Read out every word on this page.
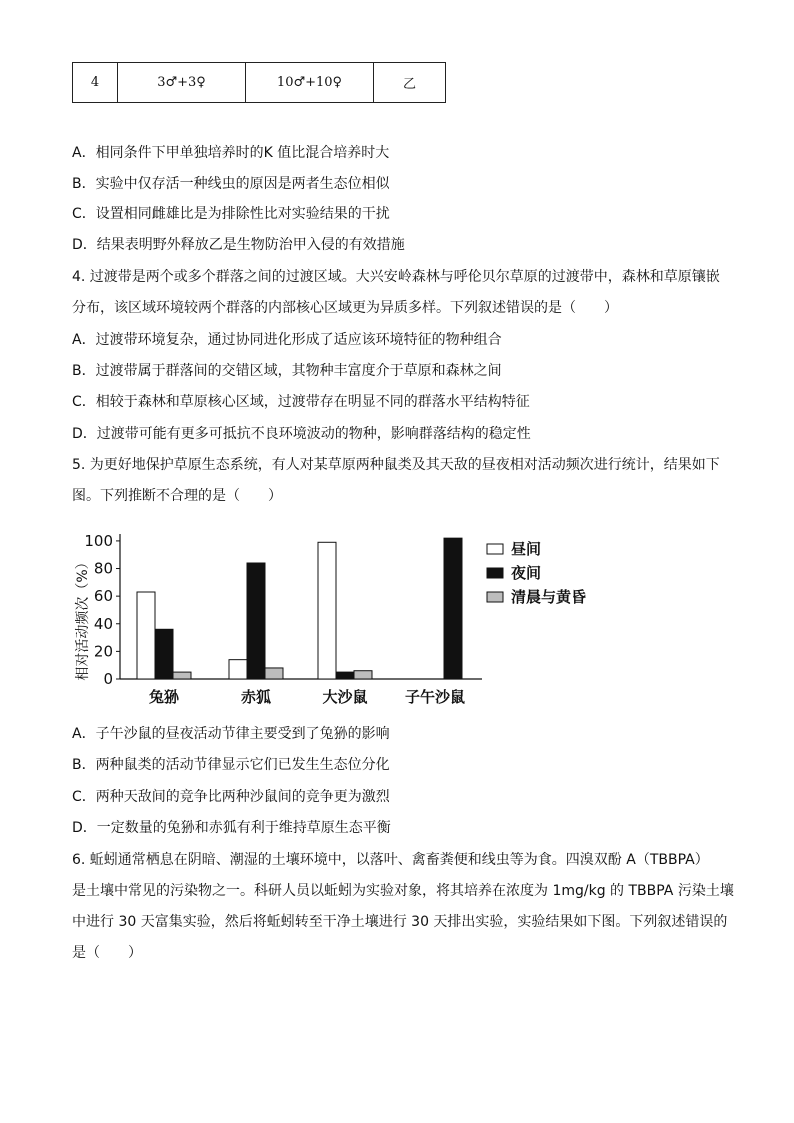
4	3♂+3♀	10♂+10♀	乙
A．相同条件下甲单独培养时的K 值比混合培养时大
B．实验中仅存活一种线虫的原因是两者生态位相似
C．设置相同雌雄比是为排除性比对实验结果的干扰
D．结果表明野外释放乙是生物防治甲入侵的有效措施
4. 过渡带是两个或多个群落之间的过渡区域。大兴安岭森林与呼伦贝尔草原的过渡带中，森林和草原镶嵌
分布，该区域环境较两个群落的内部核心区域更为异质多样。下列叙述错误的是（　　）
A．过渡带环境复杂，通过协同进化形成了适应该环境特征的物种组合
B．过渡带属于群落间的交错区域，其物种丰富度介于草原和森林之间
C．相较于森林和草原核心区域，过渡带存在明显不同的群落水平结构特征
D．过渡带可能有更多可抵抗不良环境波动的物种，影响群落结构的稳定性
5. 为更好地保护草原生态系统，有人对某草原两种鼠类及其天敌的昼夜相对活动频次进行统计，结果如下
图。下列推断不合理的是（　　）
相对活动频次（%） 0
20
40
60
80
100
兔狲	赤狐	大沙鼠 子午沙鼠
昼间
夜间
清晨与黄昏
A．子午沙鼠的昼夜活动节律主要受到了兔狲的影响
B．两种鼠类的活动节律显示它们已发生生态位分化
C．两种天敌间的竞争比两种沙鼠间的竞争更为激烈
D．一定数量的兔狲和赤狐有利于维持草原生态平衡
6. 蚯蚓通常栖息在阴暗、潮湿的土壤环境中，以落叶、禽畜粪便和线虫等为食。四溴双酚 A（TBBPA）
是土壤中常见的污染物之一。科研人员以蚯蚓为实验对象，将其培养在浓度为 1mg/kg 的 TBBPA 污染土壤
中进行 30 天富集实验，然后将蚯蚓转至干净土壤进行 30 天排出实验，实验结果如下图。下列叙述错误的
是（　　）
